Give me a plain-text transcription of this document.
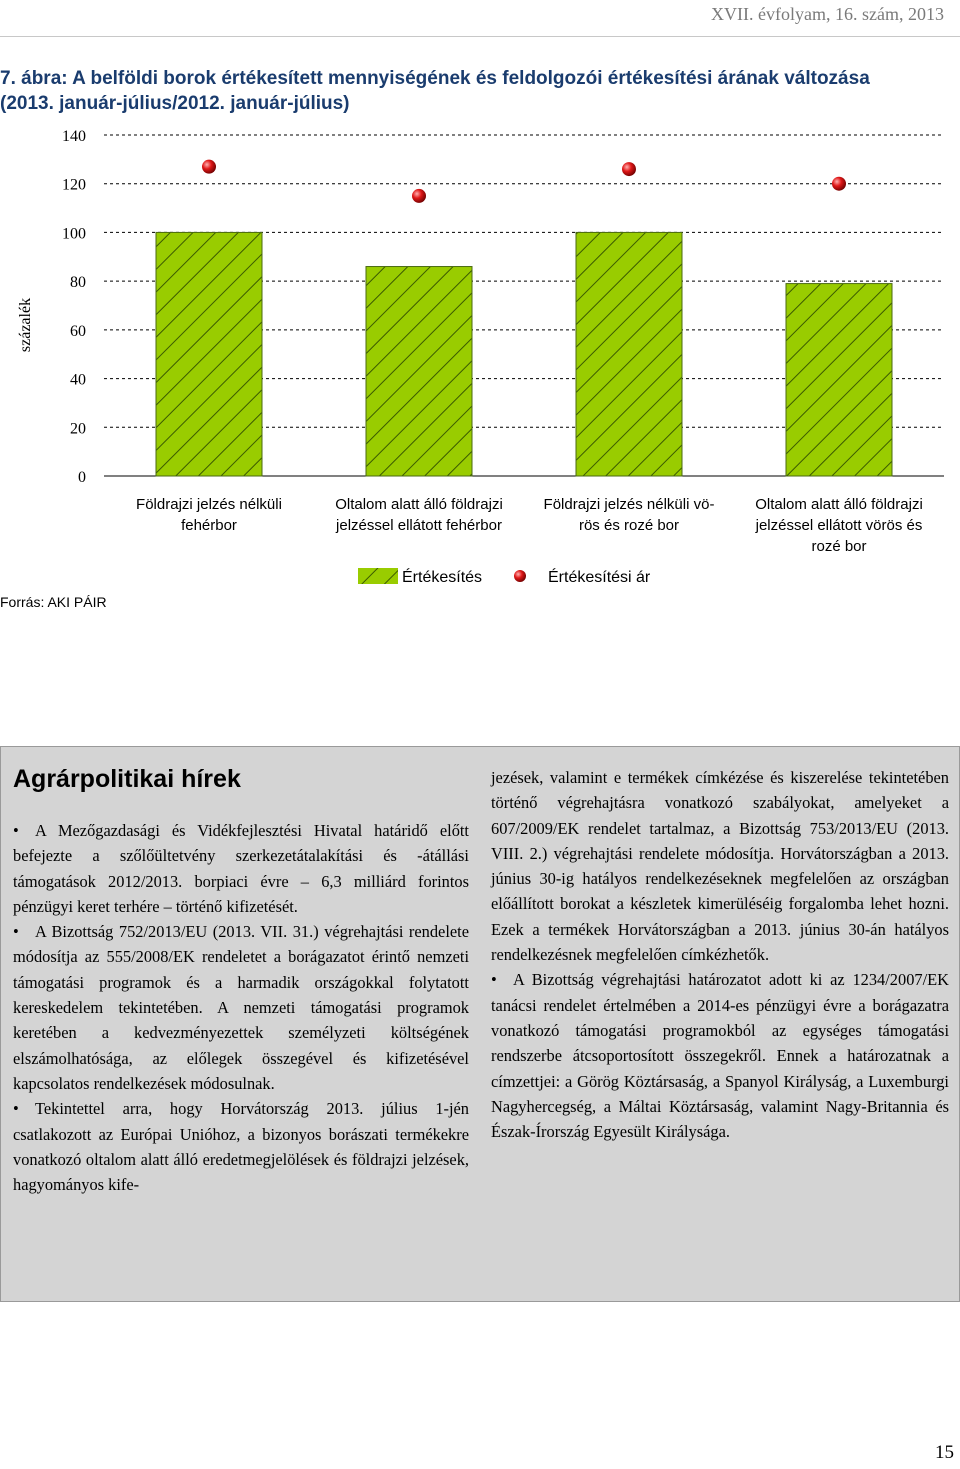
XVII. évfolyam, 16. szám, 2013
7. ábra: A belföldi borok értékesített mennyiségének és feldolgozói értékesítési árának változása
(2013. január-július/2012. január-július)
0
20
40
60
80
100
120
140
százalék
Földrajzi jelzés nélküli
fehérbor
Oltalom alatt álló földrajzi
jelzéssel ellátott fehérbor
Földrajzi jelzés nélküli vö-
rös és rozé bor
Oltalom alatt álló földrajzi
jelzéssel ellátott vörös és
rozé bor
Értékesítés	Értékesítési ár
Forrás: AKI PÁIR
Agrárpolitikai hírek

• A Mezőgazdasági és Vidékfejlesztési Hivatal határidő előtt befejezte a szőlőültetvény szerkezetátalakítási és -átállási támogatások 2012/2013. borpiaci évre – 6,3 milliárd forintos pénzügyi keret terhére – történő kifizetését.

• A Bizottság 752/2013/EU (2013. VII. 31.) végrehajtási rendelete módosítja az 555/2008/EK rendeletet a borágazatot érintő nemzeti támogatási programok és a harmadik országokkal folytatott kereskedelem tekintetében. A nemzeti támogatási programok keretében a kedvezményezettek személyzeti költségének elszámolhatósága, az előlegek összegével és kifizetésével kapcsolatos rendelkezések módosulnak.

• Tekintettel arra, hogy Horvátország 2013. július 1-jén csatlakozott az Európai Unióhoz, a bizonyos borászati termékekre vonatkozó oltalom alatt álló eredetmegjelölések és földrajzi jelzések, hagyományos kife-

jezések, valamint e termékek címkézése és kiszerelése tekintetében történő végrehajtásra vonatkozó szabályokat, amelyeket a 607/2009/EK rendelet tartalmaz, a Bizottság 753/2013/EU (2013. VIII. 2.) végrehajtási rendelete módosítja. Horvátországban a 2013. június 30-ig hatályos rendelkezéseknek megfelelően az országban előállított borokat a készletek kimerüléséig forgalomba lehet hozni. Ezek a termékek Horvátországban a 2013. június 30-án hatályos rendelkezésnek megfelelően címkézhetők.

• A Bizottság végrehajtási határozatot adott ki az 1234/2007/EK tanácsi rendelet értelmében a 2014-es pénzügyi évre a borágazatra vonatkozó támogatási programokból az egységes támogatási rendszerbe átcsoportosított összegekről. Ennek a határozatnak a címzettjei: a Görög Köztársaság, a Spanyol Királyság, a Luxemburgi Nagyhercegség, a Máltai Köztársaság, valamint Nagy-Britannia és Észak-Írország Egyesült Királysága.

15
